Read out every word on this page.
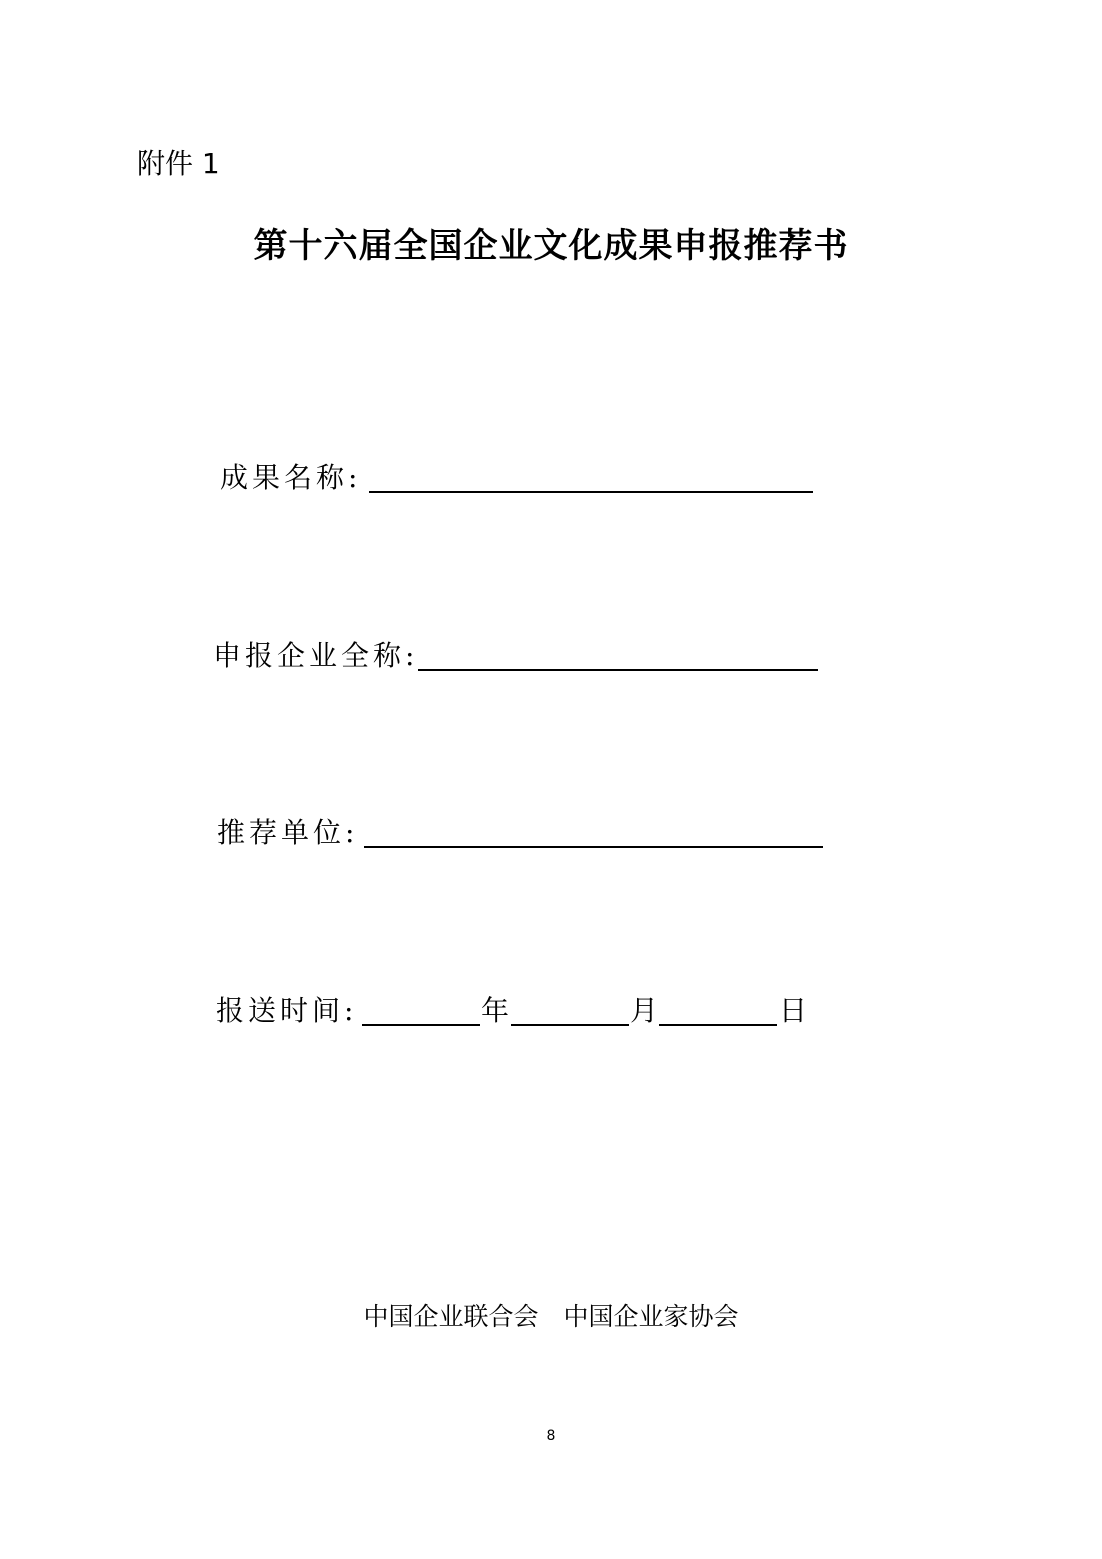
附件 1
第十六届全国企业文化成果申报推荐书
成果名称:
申报企业全称:
推荐单位:
报送时间:	年	月	日
中国企业联合会　中国企业家协会
8
